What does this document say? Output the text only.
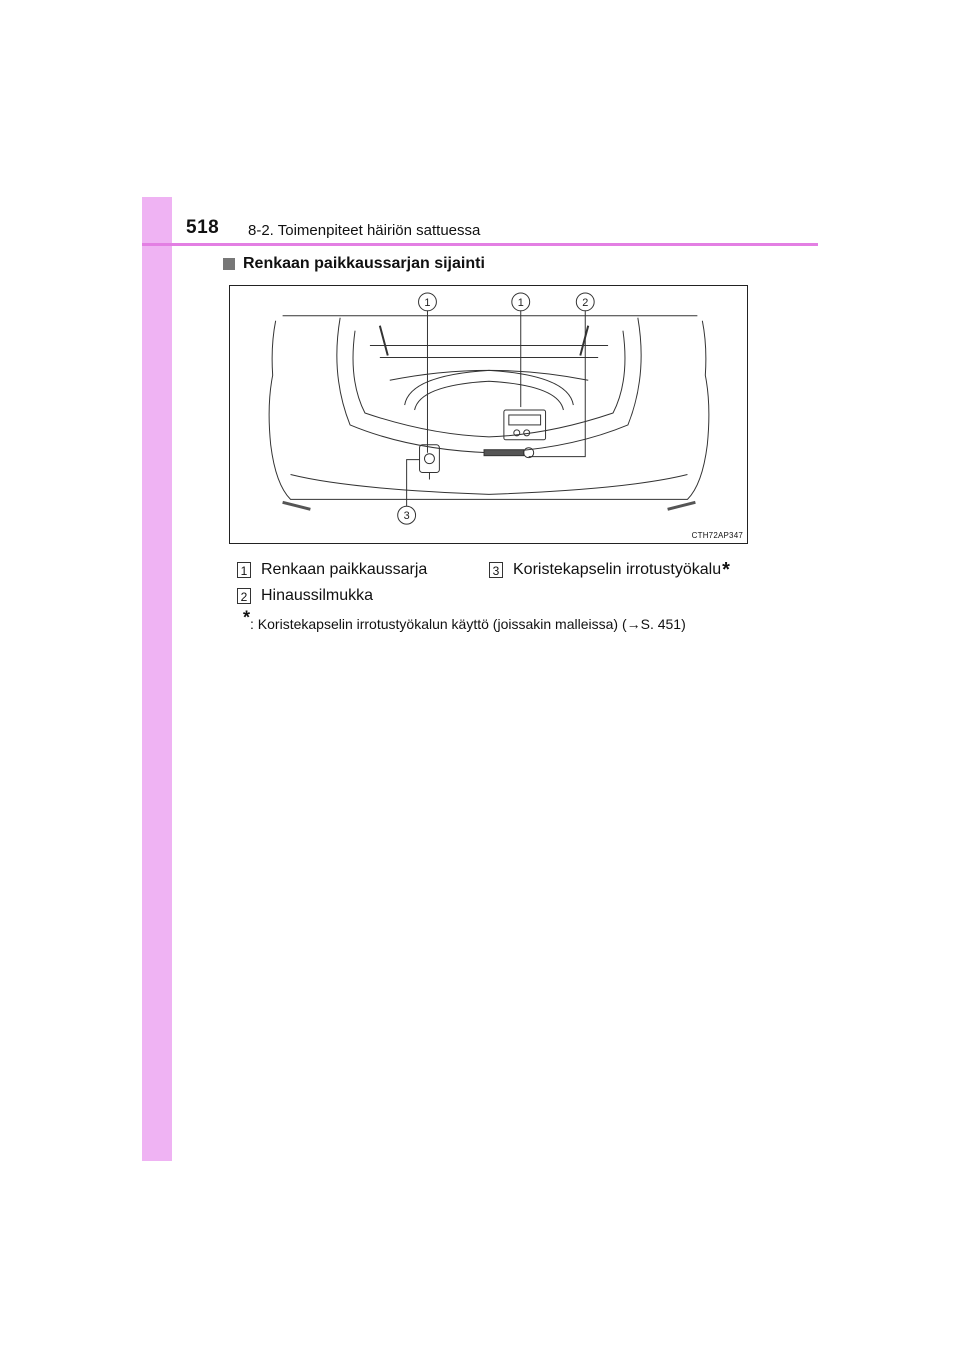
518 8-2. Toimenpiteet häiriön sattuessa
Renkaan paikkaussarjan sijainti
1	1	2
3
CTH72AP347
1 Renkaan paikkaussarja
2 Hinaussilmukka
3 Koristekapselin irrotustyökalu *
*: Koristekapselin irrotustyökalun käyttö (joissakin malleissa) (→S. 451)
